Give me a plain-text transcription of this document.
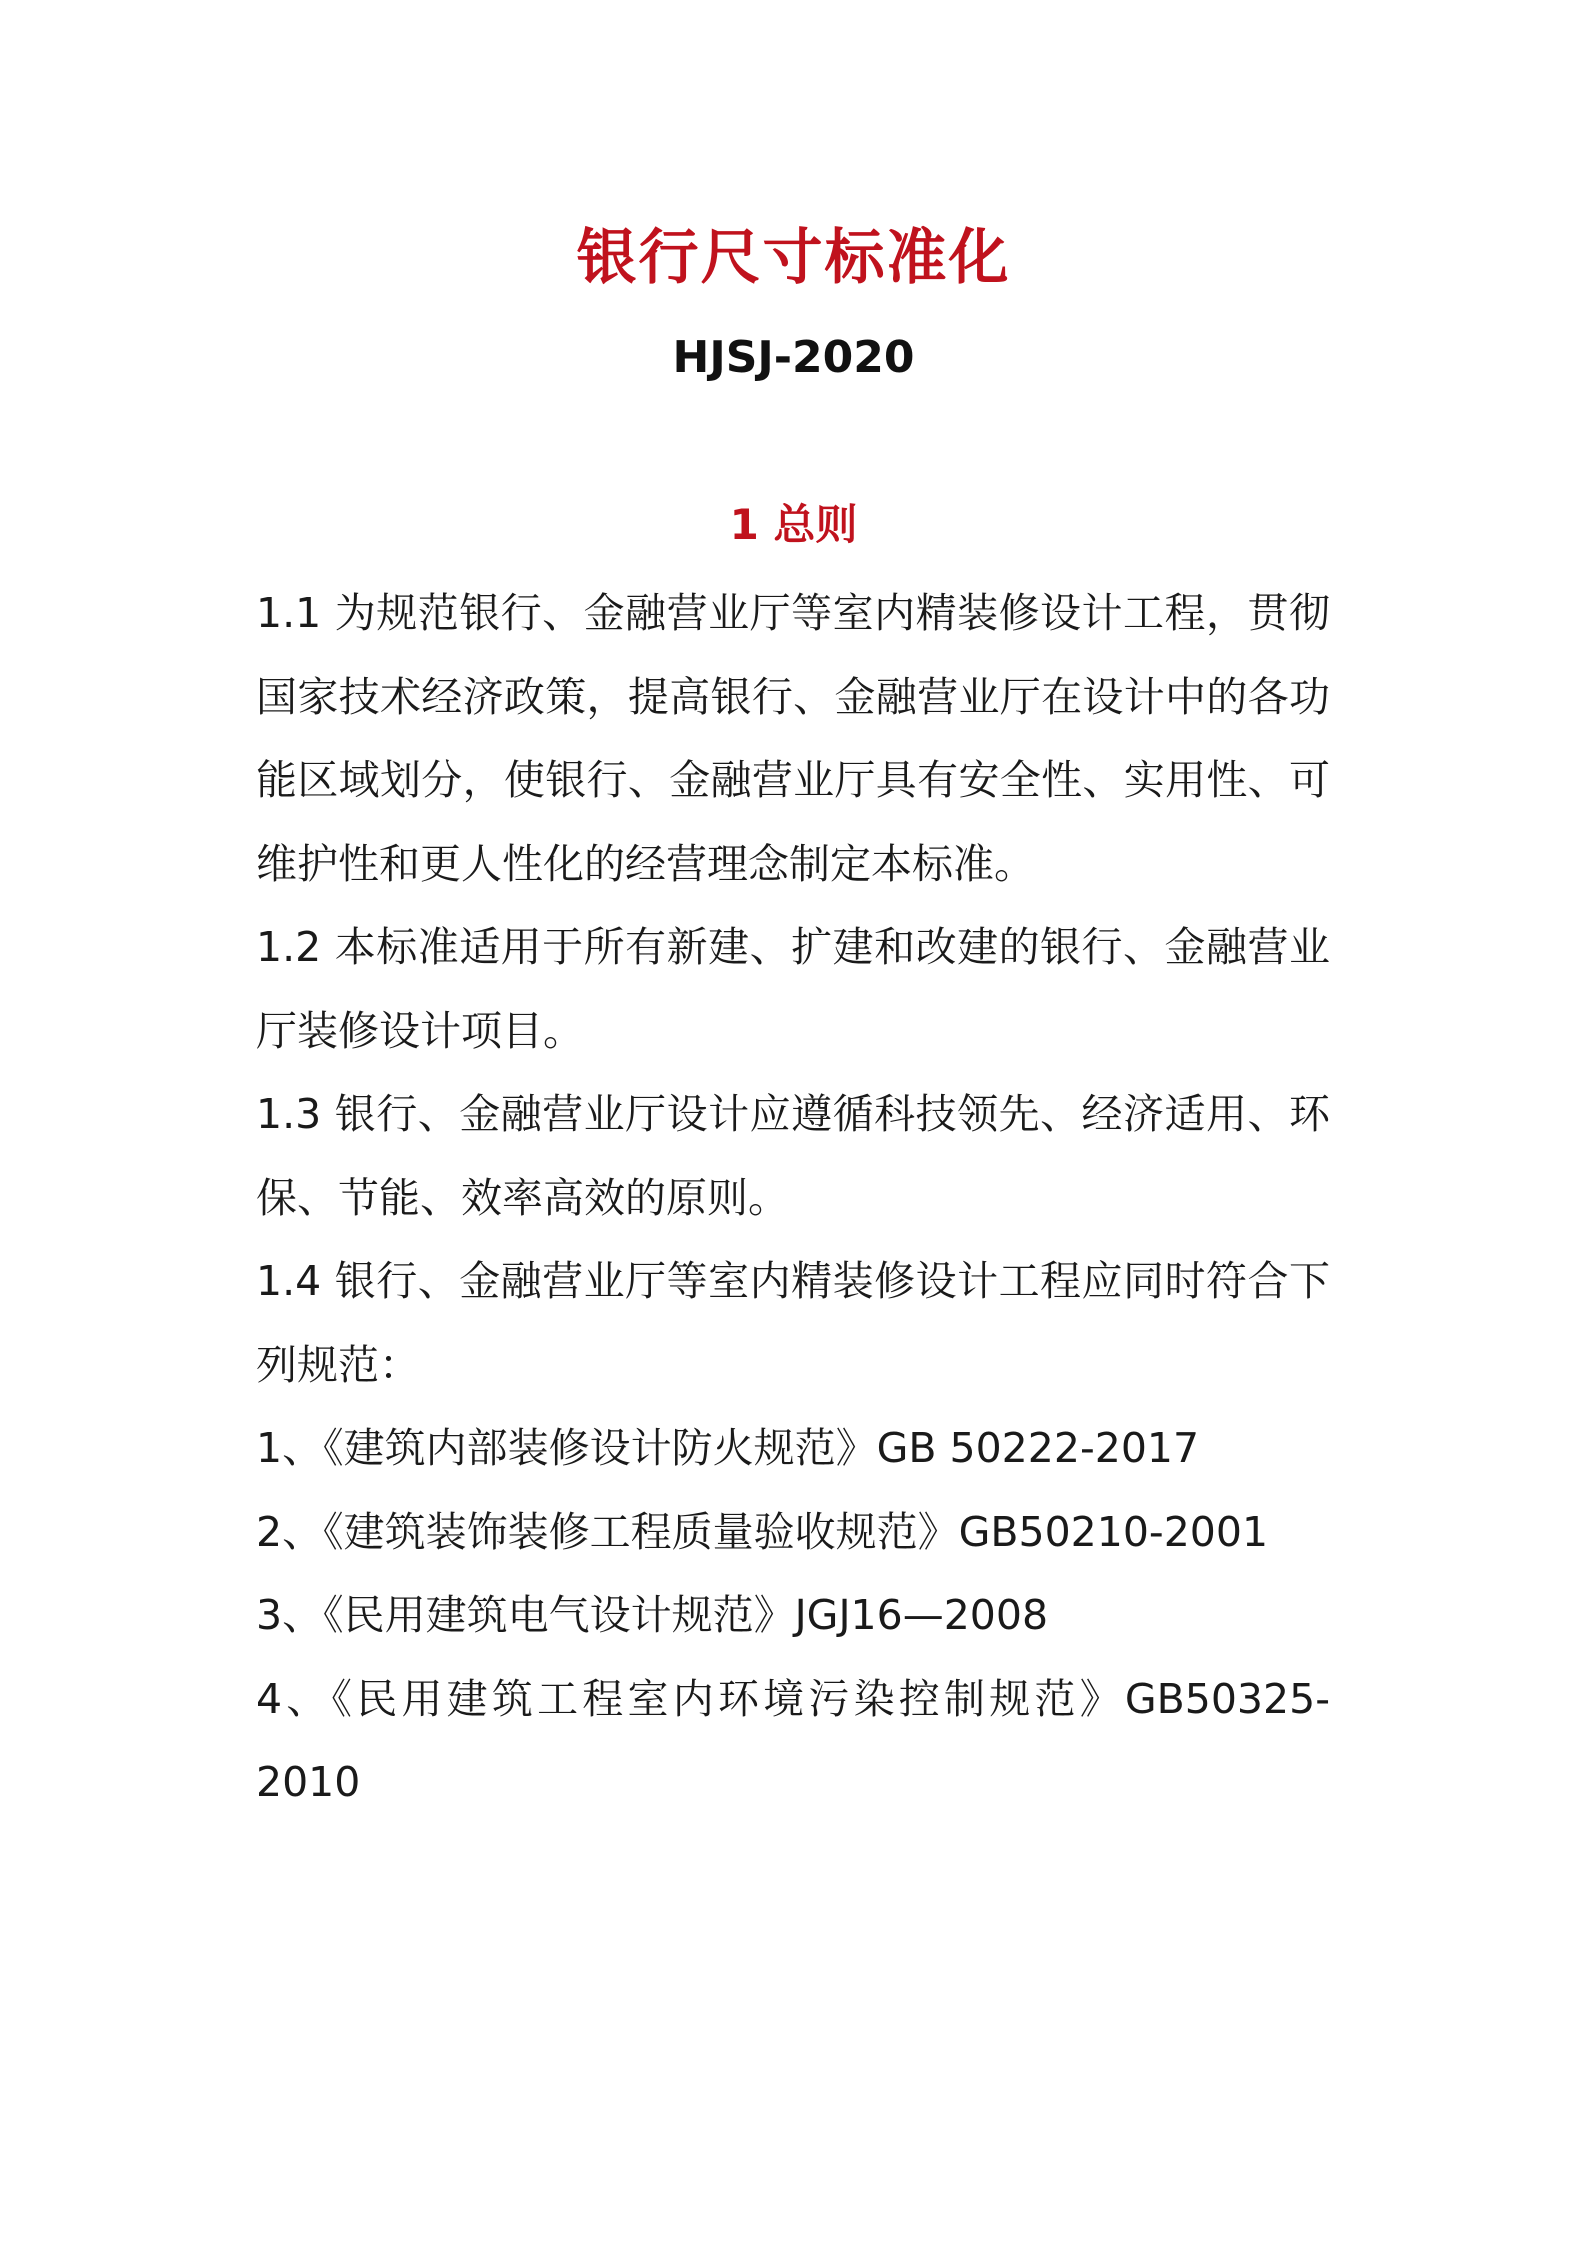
银行尺寸标准化
HJSJ-2020
1 总则

1.1 为规范银行、金融营业厅等室内精装修设计工程，贯彻国家技术经济政策，提高银行、金融营业厅在设计中的各功能区域划分，使银行、金融营业厅具有安全性、实用性、可维护性和更人性化的经营理念制定本标准。

1.2 本标准适用于所有新建、扩建和改建的银行、金融营业厅装修设计项目。

1.3 银行、金融营业厅设计应遵循科技领先、经济适用、环保、节能、效率高效的原则。

1.4 银行、金融营业厅等室内精装修设计工程应同时符合下列规范：

1、《建筑内部装修设计防火规范》GB 50222-2017

2、《建筑装饰装修工程质量验收规范》GB50210-2001

3、《民用建筑电气设计规范》JGJ16—2008

4、《民用建筑工程室内环境污染控制规范》GB50325-2010
